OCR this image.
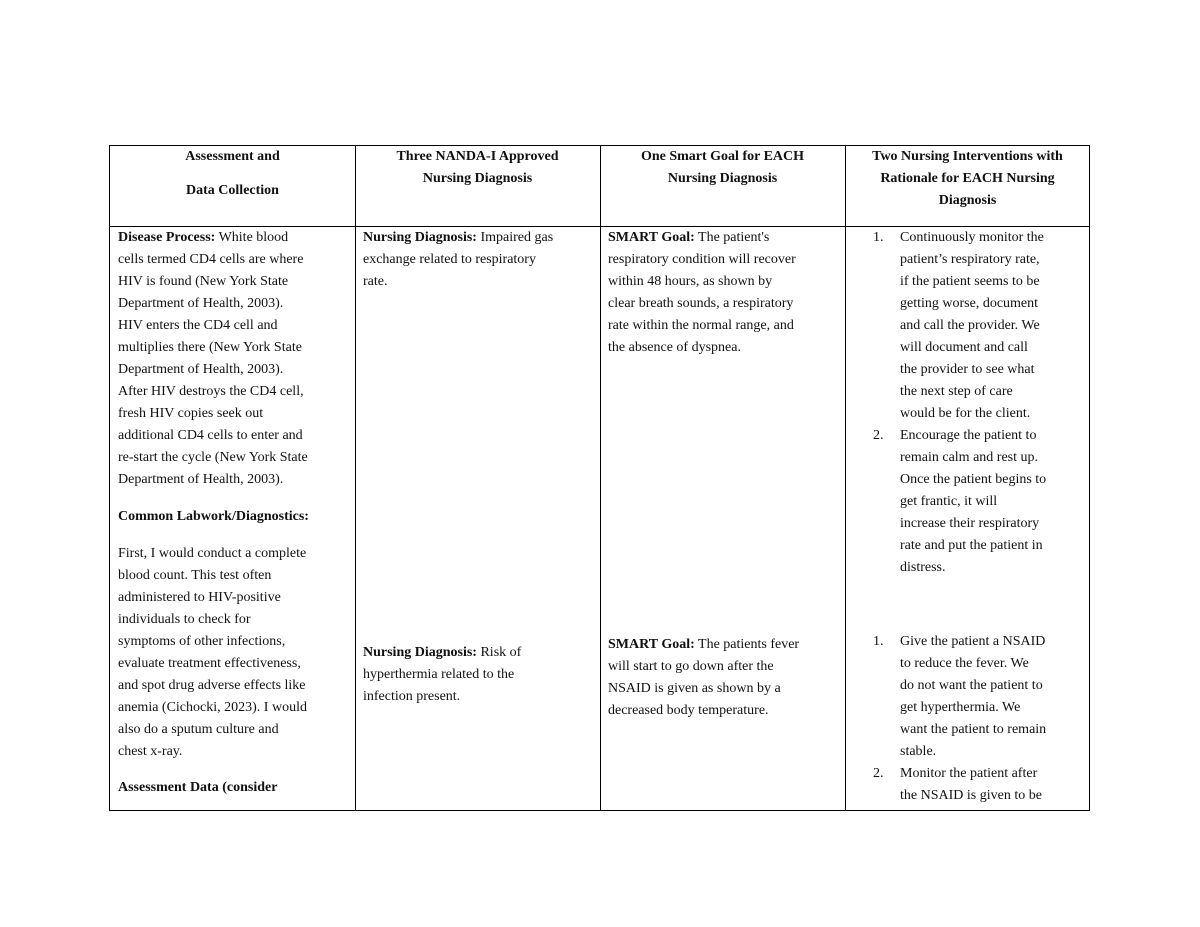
Assessment and
Data Collection
Three NANDA-I Approved
Nursing Diagnosis
One Smart Goal for EACH
Nursing Diagnosis
Two Nursing Interventions with
Rationale for EACH Nursing
Diagnosis

Disease Process: White blood
cells termed CD4 cells are where
HIV is found (New York State
Department of Health, 2003).
HIV enters the CD4 cell and
multiplies there (New York State
Department of Health, 2003).
After HIV destroys the CD4 cell,
fresh HIV copies seek out
additional CD4 cells to enter and
re-start the cycle (New York State
Department of Health, 2003).

Common Labwork/Diagnostics:

First, I would conduct a complete
blood count. This test often
administered to HIV-positive
individuals to check for
symptoms of other infections,
evaluate treatment effectiveness,
and spot drug adverse effects like
anemia (Cichocki, 2023). I would
also do a sputum culture and
chest x-ray.

Assessment Data (consider

Nursing Diagnosis: Impaired gas
exchange related to respiratory
rate.

Nursing Diagnosis: Risk of
hyperthermia related to the
infection present.

SMART Goal: The patient's
respiratory condition will recover
within 48 hours, as shown by
clear breath sounds, a respiratory
rate within the normal range, and
the absence of dyspnea.

SMART Goal: The patients fever
will start to go down after the
NSAID is given as shown by a
decreased body temperature.

1. Continuously monitor the
patient’s respiratory rate,
if the patient seems to be
getting worse, document
and call the provider. We
will document and call
the provider to see what
the next step of care
would be for the client.
2. Encourage the patient to
remain calm and rest up.
Once the patient begins to
get frantic, it will
increase their respiratory
rate and put the patient in
distress.
1. Give the patient a NSAID
to reduce the fever. We
do not want the patient to
get hyperthermia. We
want the patient to remain
stable.
2. Monitor the patient after
the NSAID is given to be
